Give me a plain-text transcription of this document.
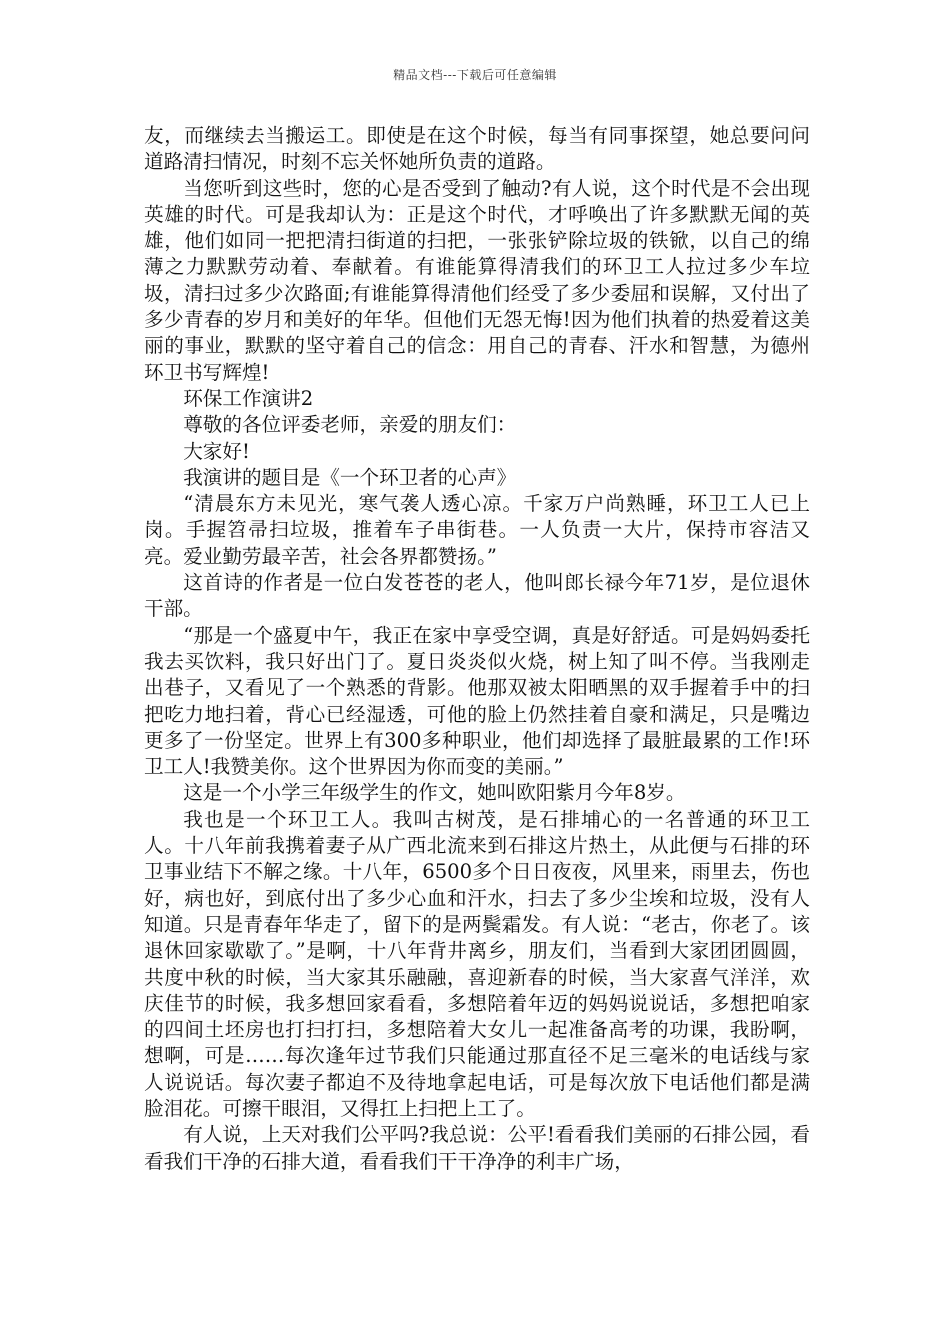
精品文档---下载后可任意编辑

友，而继续去当搬运工。即使是在这个时候，每当有同事探望，她总要问问道路清扫情况，时刻不忘关怀她所负责的道路。

当您听到这些时，您的心是否受到了触动?有人说，这个时代是不会出现英雄的时代。可是我却认为：正是这个时代，才呼唤出了许多默默无闻的英雄，他们如同一把把清扫街道的扫把，一张张铲除垃圾的铁锨，以自己的绵薄之力默默劳动着、奉献着。有谁能算得清我们的环卫工人拉过多少车垃圾，清扫过多少次路面;有谁能算得清他们经受了多少委屈和误解，又付出了多少青春的岁月和美好的年华。但他们无怨无悔!因为他们执着的热爱着这美丽的事业，默默的坚守着自己的信念：用自己的青春、汗水和智慧，为德州环卫书写辉煌!

环保工作演讲2

尊敬的各位评委老师，亲爱的朋友们：

大家好!

我演讲的题目是《一个环卫者的心声》

“清晨东方未见光，寒气袭人透心凉。千家万户尚熟睡，环卫工人已上岗。手握笤帚扫垃圾，推着车子串街巷。一人负责一大片，保持市容洁又亮。爱业勤劳最辛苦，社会各界都赞扬。”

这首诗的作者是一位白发苍苍的老人，他叫郎长禄今年71岁，是位退休干部。

“那是一个盛夏中午，我正在家中享受空调，真是好舒适。可是妈妈委托我去买饮料，我只好出门了。夏日炎炎似火烧，树上知了叫不停。当我刚走出巷子，又看见了一个熟悉的背影。他那双被太阳晒黑的双手握着手中的扫把吃力地扫着，背心已经湿透，可他的脸上仍然挂着自豪和满足，只是嘴边更多了一份坚定。世界上有300多种职业，他们却选择了最脏最累的工作!环卫工人!我赞美你。这个世界因为你而变的美丽。”

这是一个小学三年级学生的作文，她叫欧阳紫月今年8岁。

我也是一个环卫工人。我叫古树茂，是石排埔心的一名普通的环卫工人。十八年前我携着妻子从广西北流来到石排这片热土，从此便与石排的环卫事业结下不解之缘。十八年，6500多个日日夜夜，风里来，雨里去，伤也好，病也好，到底付出了多少心血和汗水，扫去了多少尘埃和垃圾，没有人知道。只是青春年华走了，留下的是两鬓霜发。有人说：“老古，你老了。该退休回家歇歇了。”是啊，十八年背井离乡，朋友们，当看到大家团团圆圆，共度中秋的时候，当大家其乐融融，喜迎新春的时候，当大家喜气洋洋，欢庆佳节的时候，我多想回家看看，多想陪着年迈的妈妈说说话，多想把咱家的四间土坯房也打扫打扫，多想陪着大女儿一起准备高考的功课，我盼啊，想啊，可是……每次逢年过节我们只能通过那直径不足三毫米的电话线与家人说说话。每次妻子都迫不及待地拿起电话，可是每次放下电话他们都是满脸泪花。可擦干眼泪，又得扛上扫把上工了。

有人说，上天对我们公平吗?我总说：公平!看看我们美丽的石排公园，看看我们干净的石排大道，看看我们干干净净的利丰广场，
